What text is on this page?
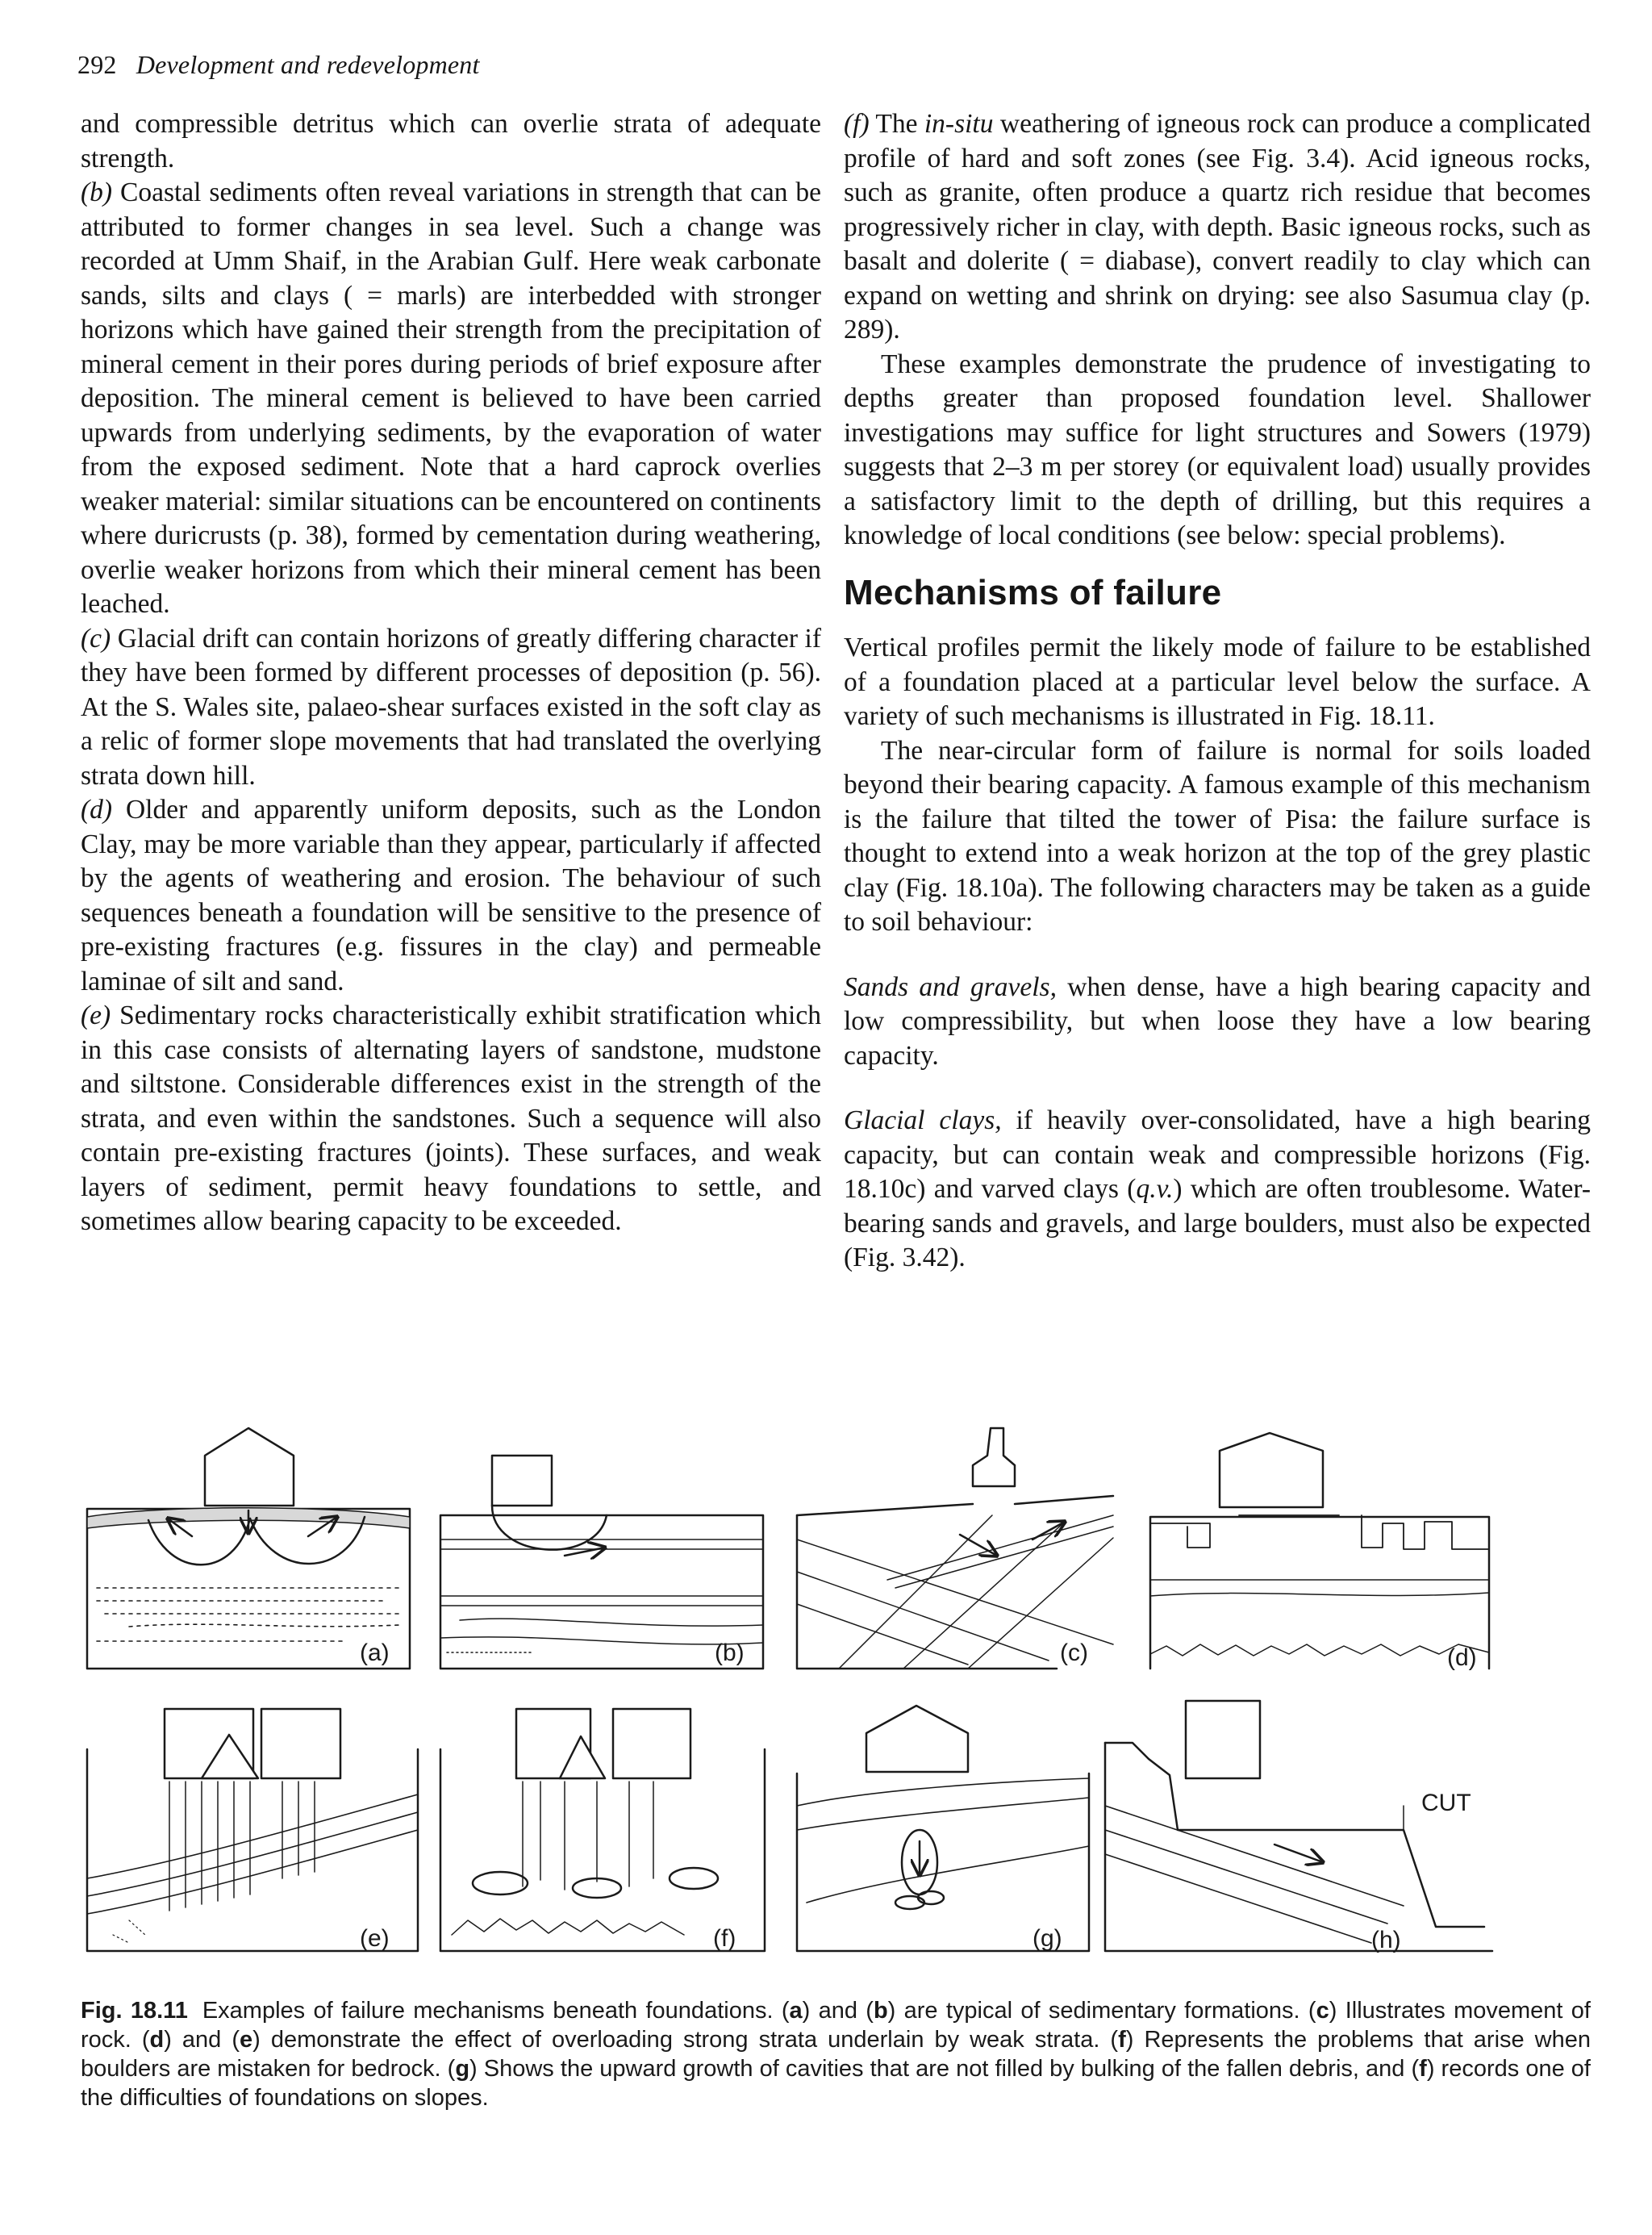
292 Development and redevelopment

and compressible detritus which can overlie strata of adequate strength.

(b) Coastal sediments often reveal variations in strength that can be attributed to former changes in sea level. Such a change was recorded at Umm Shaif, in the Arabian Gulf. Here weak carbonate sands, silts and clays ( = marls) are interbedded with stronger horizons which have gained their strength from the precipitation of mineral cement in their pores during periods of brief exposure after deposition. The mineral cement is believed to have been carried upwards from underlying sediments, by the evaporation of water from the exposed sediment. Note that a hard caprock overlies weaker material: similar situations can be encountered on continents where duricrusts (p. 38), formed by cementation during weathering, overlie weaker horizons from which their mineral cement has been leached.

(c) Glacial drift can contain horizons of greatly differing character if they have been formed by different processes of deposition (p. 56). At the S. Wales site, palaeo-shear surfaces existed in the soft clay as a relic of former slope movements that had translated the overlying strata down hill.

(d) Older and apparently uniform deposits, such as the London Clay, may be more variable than they appear, particularly if affected by the agents of weathering and erosion. The behaviour of such sequences beneath a foundation will be sensitive to the presence of pre-existing fractures (e.g. fissures in the clay) and permeable laminae of silt and sand.

(e) Sedimentary rocks characteristically exhibit stratification which in this case consists of alternating layers of sandstone, mudstone and siltstone. Considerable differences exist in the strength of the strata, and even within the sandstones. Such a sequence will also contain pre-existing fractures (joints). These surfaces, and weak layers of sediment, permit heavy foundations to settle, and sometimes allow bearing capacity to be exceeded.

(f) The in-situ weathering of igneous rock can produce a complicated profile of hard and soft zones (see Fig. 3.4). Acid igneous rocks, such as granite, often produce a quartz rich residue that becomes progressively richer in clay, with depth. Basic igneous rocks, such as basalt and dolerite ( = diabase), convert readily to clay which can expand on wetting and shrink on drying: see also Sasumua clay (p. 289).

These examples demonstrate the prudence of investigating to depths greater than proposed foundation level. Shallower investigations may suffice for light structures and Sowers (1979) suggests that 2–3 m per storey (or equivalent load) usually provides a satisfactory limit to the depth of drilling, but this requires a knowledge of local conditions (see below: special problems).

Mechanisms of failure

Vertical profiles permit the likely mode of failure to be established of a foundation placed at a particular level below the surface. A variety of such mechanisms is illustrated in Fig. 18.11.

The near-circular form of failure is normal for soils loaded beyond their bearing capacity. A famous example of this mechanism is the failure that tilted the tower of Pisa: the failure surface is thought to extend into a weak horizon at the top of the grey plastic clay (Fig. 18.10a). The following characters may be taken as a guide to soil behaviour:

Sands and gravels, when dense, have a high bearing capacity and low compressibility, but when loose they have a low bearing capacity.

Glacial clays, if heavily over-consolidated, have a high bearing capacity, but can contain weak and compressible horizons (Fig. 18.10c) and varved clays (q.v.) which are often troublesome. Water-bearing sands and gravels, and large boulders, must also be expected (Fig. 3.42).

(a)	(b)	(c)	(d)
(e)	(f)	(g)
CUT
(h)
Fig. 18.11 Examples of failure mechanisms beneath foundations. (a) and (b) are typical of sedimentary formations. (c) Illustrates movement of rock. (d) and (e) demonstrate the effect of overloading strong strata underlain by weak strata. (f) Represents the problems that arise when boulders are mistaken for bedrock. (g) Shows the upward growth of cavities that are not filled by bulking of the fallen debris, and (f) records one of the difficulties of foundations on slopes.
